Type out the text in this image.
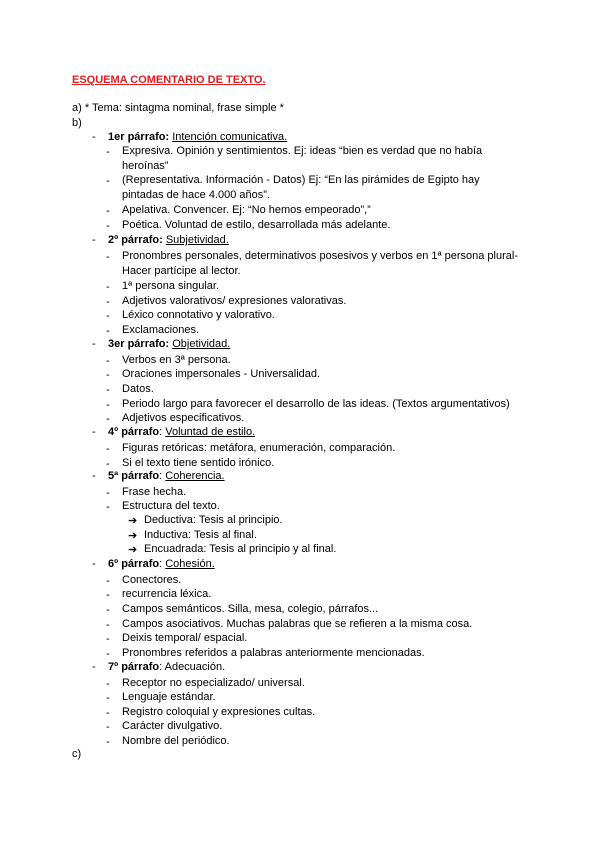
ESQUEMA COMENTARIO DE TEXTO.
a) * Tema: sintagma nominal, frase simple *
b)
- 1er párrafo: Intención comunicativa.
- Expresiva. Opinión y sentimientos. Ej: ideas “bien es verdad que no había
heroínas”
- (Representativa. Información - Datos) Ej: “En las pirámides de Egipto hay
pintadas de hace 4.000 años”.
- Apelativa. Convencer. Ej: “No hemos empeorado”,”
- Poética. Voluntad de estilo, desarrollada más adelante.
- 2º párrafo: Subjetividad.
- Pronombres personales, determinativos posesivos y verbos en 1ª persona plural-
Hacer partícipe al lector.
- 1ª persona singular.
- Adjetivos valorativos/ expresiones valorativas.
- Léxico connotativo y valorativo.
- Exclamaciones.
- 3er párrafo: Objetividad.
- Verbos en 3ª persona.
- Oraciones impersonales - Universalidad.
- Datos.
- Periodo largo para favorecer el desarrollo de las ideas. (Textos argumentativos)
- Adjetivos especificativos.
- 4º párrafo: Voluntad de estilo.
- Figuras retóricas: metáfora, enumeración, comparación.
- Si el texto tiene sentido irónico.
- 5ª párrafo: Coherencia.
- Frase hecha.
- Estructura del texto.
➔ Deductiva: Tesis al principio.
➔ Inductiva: Tesis al final.
➔ Encuadrada: Tesis al principio y al final.
- 6º párrafo: Cohesión.
- Conectores.
- recurrencia léxica.
- Campos semánticos. Silla, mesa, colegio, párrafos...
- Campos asociativos. Muchas palabras que se refieren a la misma cosa.
- Deixis temporal/ espacial.
- Pronombres referidos a palabras anteriormente mencionadas.
- 7º párrafo: Adecuación.
- Receptor no especializado/ universal.
- Lenguaje estándar.
- Registro coloquial y expresiones cultas.
- Carácter divulgativo.
- Nombre del periódico.
c)
